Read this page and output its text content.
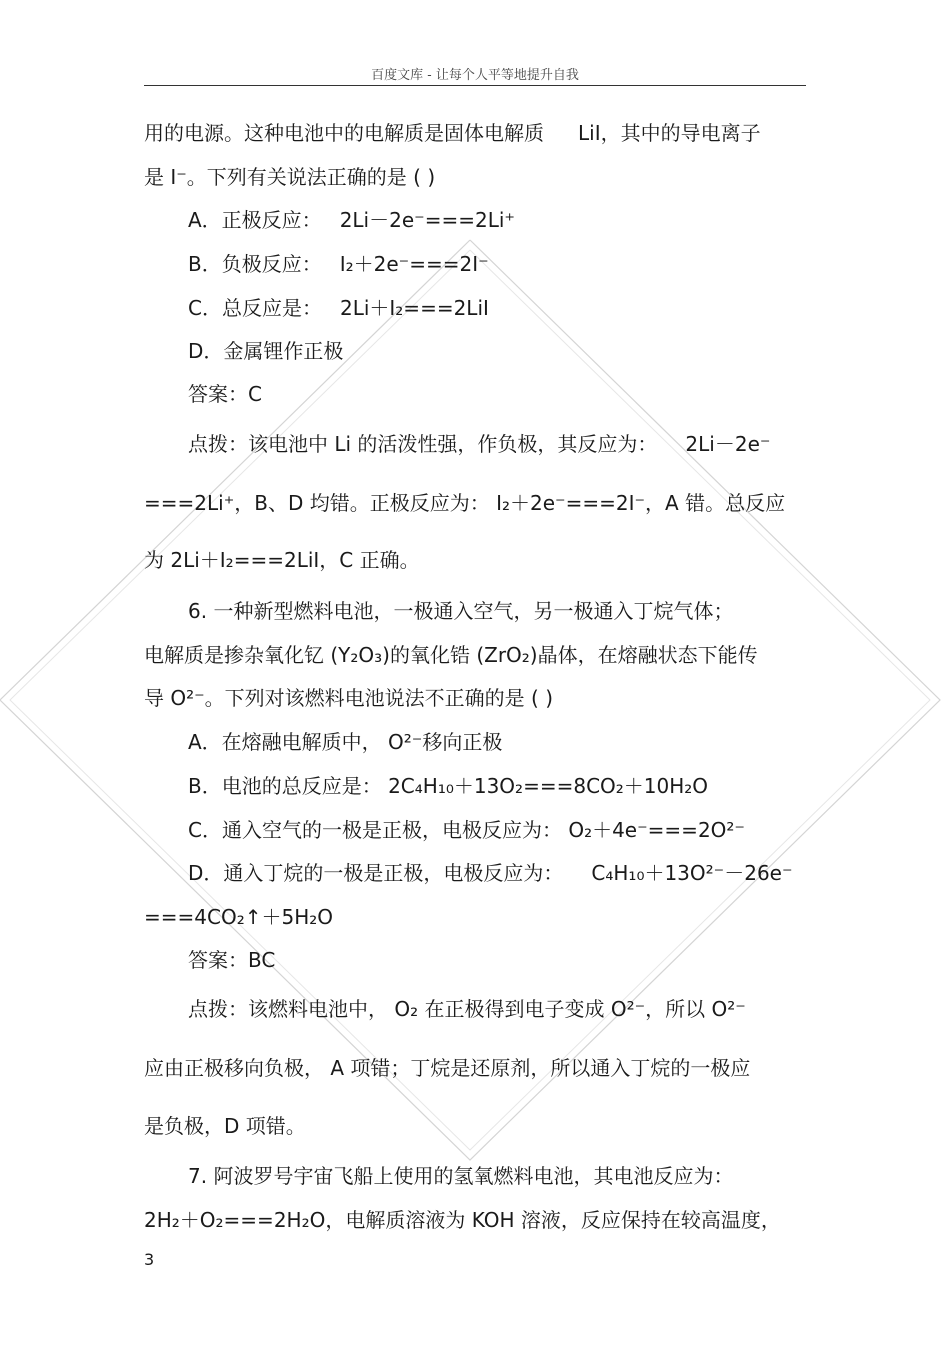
百度文库 - 让每个人平等地提升自我
用的电源。这种电池中的电解质是固体电解质 LiI，其中的导电离子
是 I⁻。下列有关说法正确的是 ( )
A．正极反应： 2Li－2e⁻===2Li⁺
B．负极反应： I₂＋2e⁻===2I⁻
C．总反应是： 2Li＋I₂===2LiI
D．金属锂作正极
答案：C
点拨：该电池中 Li 的活泼性强，作负极，其反应为： 2Li－2e⁻
===2Li⁺，B、D 均错。正极反应为： I₂＋2e⁻===2I⁻，A 错。总反应
为 2Li＋I₂===2LiI，C 正确。
6. 一种新型燃料电池，一极通入空气，另一极通入丁烷气体；
电解质是掺杂氧化钇 (Y₂O₃)的氧化锆 (ZrO₂)晶体，在熔融状态下能传
导 O²⁻。下列对该燃料电池说法不正确的是 ( )
A．在熔融电解质中， O²⁻移向正极
B．电池的总反应是： 2C₄H₁₀＋13O₂===8CO₂＋10H₂O
C．通入空气的一极是正极，电极反应为： O₂＋4e⁻===2O²⁻
D．通入丁烷的一极是正极，电极反应为： C₄H₁₀＋13O²⁻－26e⁻
===4CO₂↑＋5H₂O
答案：BC
点拨：该燃料电池中， O₂ 在正极得到电子变成 O²⁻，所以 O²⁻
应由正极移向负极， A 项错；丁烷是还原剂，所以通入丁烷的一极应
是负极，D 项错。
7. 阿波罗号宇宙飞船上使用的氢氧燃料电池，其电池反应为：
2H₂＋O₂===2H₂O，电解质溶液为 KOH 溶液，反应保持在较高温度，
3
